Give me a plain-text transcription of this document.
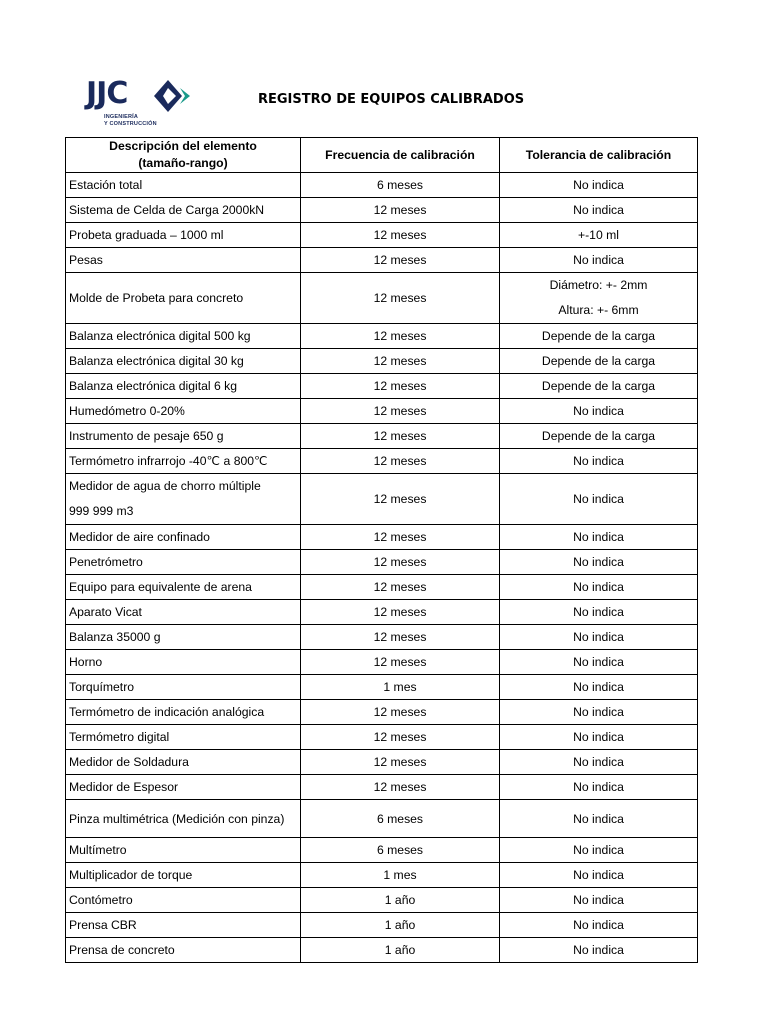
JJC
INGENIERÍA
Y CONSTRUCCIÓN
REGISTRO DE EQUIPOS CALIBRADOS
Descripción del elemento
(tamaño-rango)	Frecuencia de calibración	Tolerancia de calibración
Estación total	6 meses	No indica
Sistema de Celda de Carga 2000kN	12 meses	No indica
Probeta graduada – 1000 ml	12 meses	+-10 ml
Pesas	12 meses	No indica
Molde de Probeta para concreto	12 meses	Diámetro: +- 2mm
Altura: +- 6mm

Balanza electrónica digital 500 kg	12 meses	Depende de la carga
Balanza electrónica digital 30 kg	12 meses	Depende de la carga
Balanza electrónica digital 6 kg	12 meses	Depende de la carga
Humedómetro 0-20%	12 meses	No indica
Instrumento de pesaje 650 g	12 meses	Depende de la carga
Termómetro infrarrojo -40℃ a 800℃	12 meses	No indica

Medidor de agua de chorro múltiple
999 999 m3	12 meses	No indica
Medidor de aire confinado	12 meses	No indica
Penetrómetro	12 meses	No indica
Equipo para equivalente de arena	12 meses	No indica
Aparato Vicat	12 meses	No indica
Balanza 35000 g	12 meses	No indica
Horno	12 meses	No indica
Torquímetro	1 mes	No indica
Termómetro de indicación analógica	12 meses	No indica
Termómetro digital	12 meses	No indica
Medidor de Soldadura	12 meses	No indica
Medidor de Espesor	12 meses	No indica
Pinza multimétrica (Medición con pinza)	6 meses	No indica
Multímetro	6 meses	No indica
Multiplicador de torque	1 mes	No indica
Contómetro	1 año	No indica
Prensa CBR	1 año	No indica
Prensa de concreto	1 año	No indica
